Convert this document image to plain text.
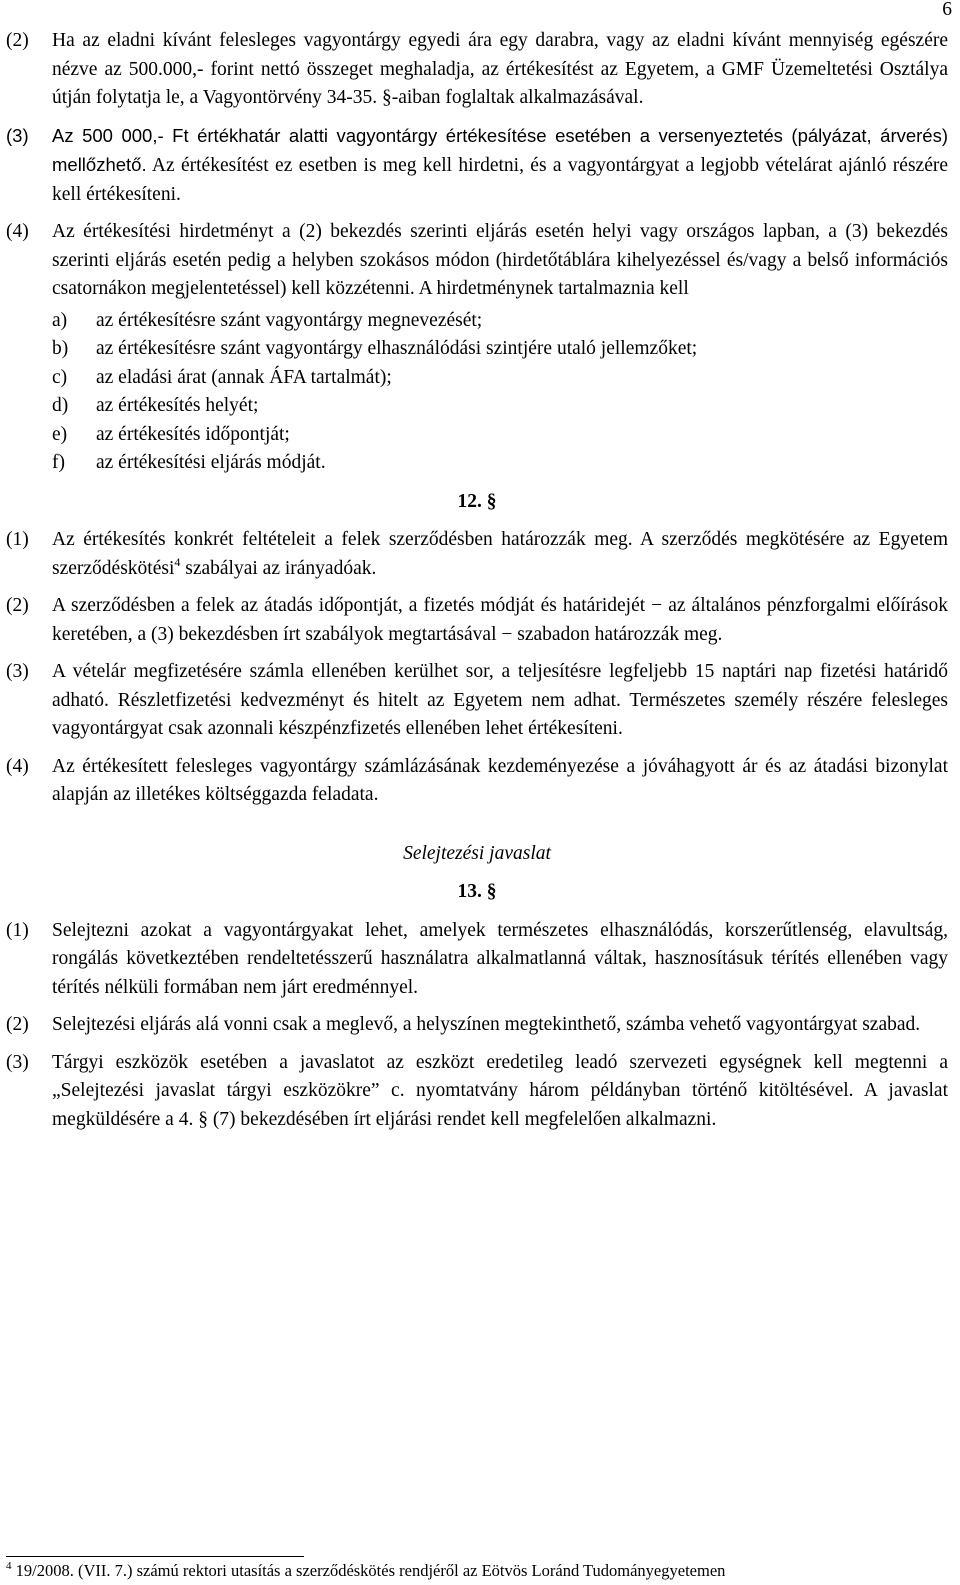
6
(2)	Ha az eladni kívánt felesleges vagyontárgy egyedi ára egy darabra, vagy az eladni kívánt mennyiség egészére nézve az 500.000,- forint nettó összeget meghaladja, az értékesítést az Egyetem, a GMF Üzemeltetési Osztálya útján folytatja le, a Vagyontörvény 34-35. §-aiban foglaltak alkalmazásával.
(3)	Az 500 000,- Ft értékhatár alatti vagyontárgy értékesítése esetében a versenyeztetés (pályázat, árverés) mellőzhető. Az értékesítést ez esetben is meg kell hirdetni, és a vagyontárgyat a legjobb vételárat ajánló részére kell értékesíteni.
(4)	Az értékesítési hirdetményt a (2) bekezdés szerinti eljárás esetén helyi vagy országos lapban, a (3) bekezdés szerinti eljárás esetén pedig a helyben szokásos módon (hirdetőtáblára kihelyezéssel és/vagy a belső információs csatornákon megjelentetéssel) kell közzétenni. A hirdetménynek tartalmaznia kell
a)	az értékesítésre szánt vagyontárgy megnevezését;
b)	az értékesítésre szánt vagyontárgy elhasználódási szintjére utaló jellemzőket;
c)	az eladási árat (annak ÁFA tartalmát);
d)	az értékesítés helyét;
e)	az értékesítés időpontját;
f)	az értékesítési eljárás módját.
12. §
(1)	Az értékesítés konkrét feltételeit a felek szerződésben határozzák meg. A szerződés megkötésére az Egyetem szerződéskötési$^4$ szabályai az irányadóak.
(2)	A szerződésben a felek az átadás időpontját, a fizetés módját és határidejét − az általános pénzforgalmi előírások keretében, a (3) bekezdésben írt szabályok megtartásával − szabadon határozzák meg.
(3)	A vételár megfizetésére számla ellenében kerülhet sor, a teljesítésre legfeljebb 15 naptári nap fizetési határidő adható. Részletfizetési kedvezményt és hitelt az Egyetem nem adhat. Természetes személy részére felesleges vagyontárgyat csak azonnali készpénzfizetés ellenében lehet értékesíteni.
(4)	Az értékesített felesleges vagyontárgy számlázásának kezdeményezése a jóváhagyott ár és az átadási bizonylat alapján az illetékes költséggazda feladata.
Selejtezési javaslat
13. §
(1)	Selejtezni azokat a vagyontárgyakat lehet, amelyek természetes elhasználódás, korszerűtlenség, elavultság, rongálás következtében rendeltetésszerű használatra alkalmatlanná váltak, hasznosításuk térítés ellenében vagy térítés nélküli formában nem járt eredménnyel.
(2)	Selejtezési eljárás alá vonni csak a meglevő, a helyszínen megtekinthető, számba vehető vagyontárgyat szabad.
(3)	Tárgyi eszközök esetében a javaslatot az eszközt eredetileg leadó szervezeti egységnek kell megtenni a „Selejtezési javaslat tárgyi eszközökre” c. nyomtatvány három példányban történő kitöltésével. A javaslat megküldésére a 4. § (7) bekezdésében írt eljárási rendet kell megfelelően alkalmazni.
$^4$ 19/2008. (VII. 7.) számú rektori utasítás a szerződéskötés rendjéről az Eötvös Loránd Tudományegyetemen
